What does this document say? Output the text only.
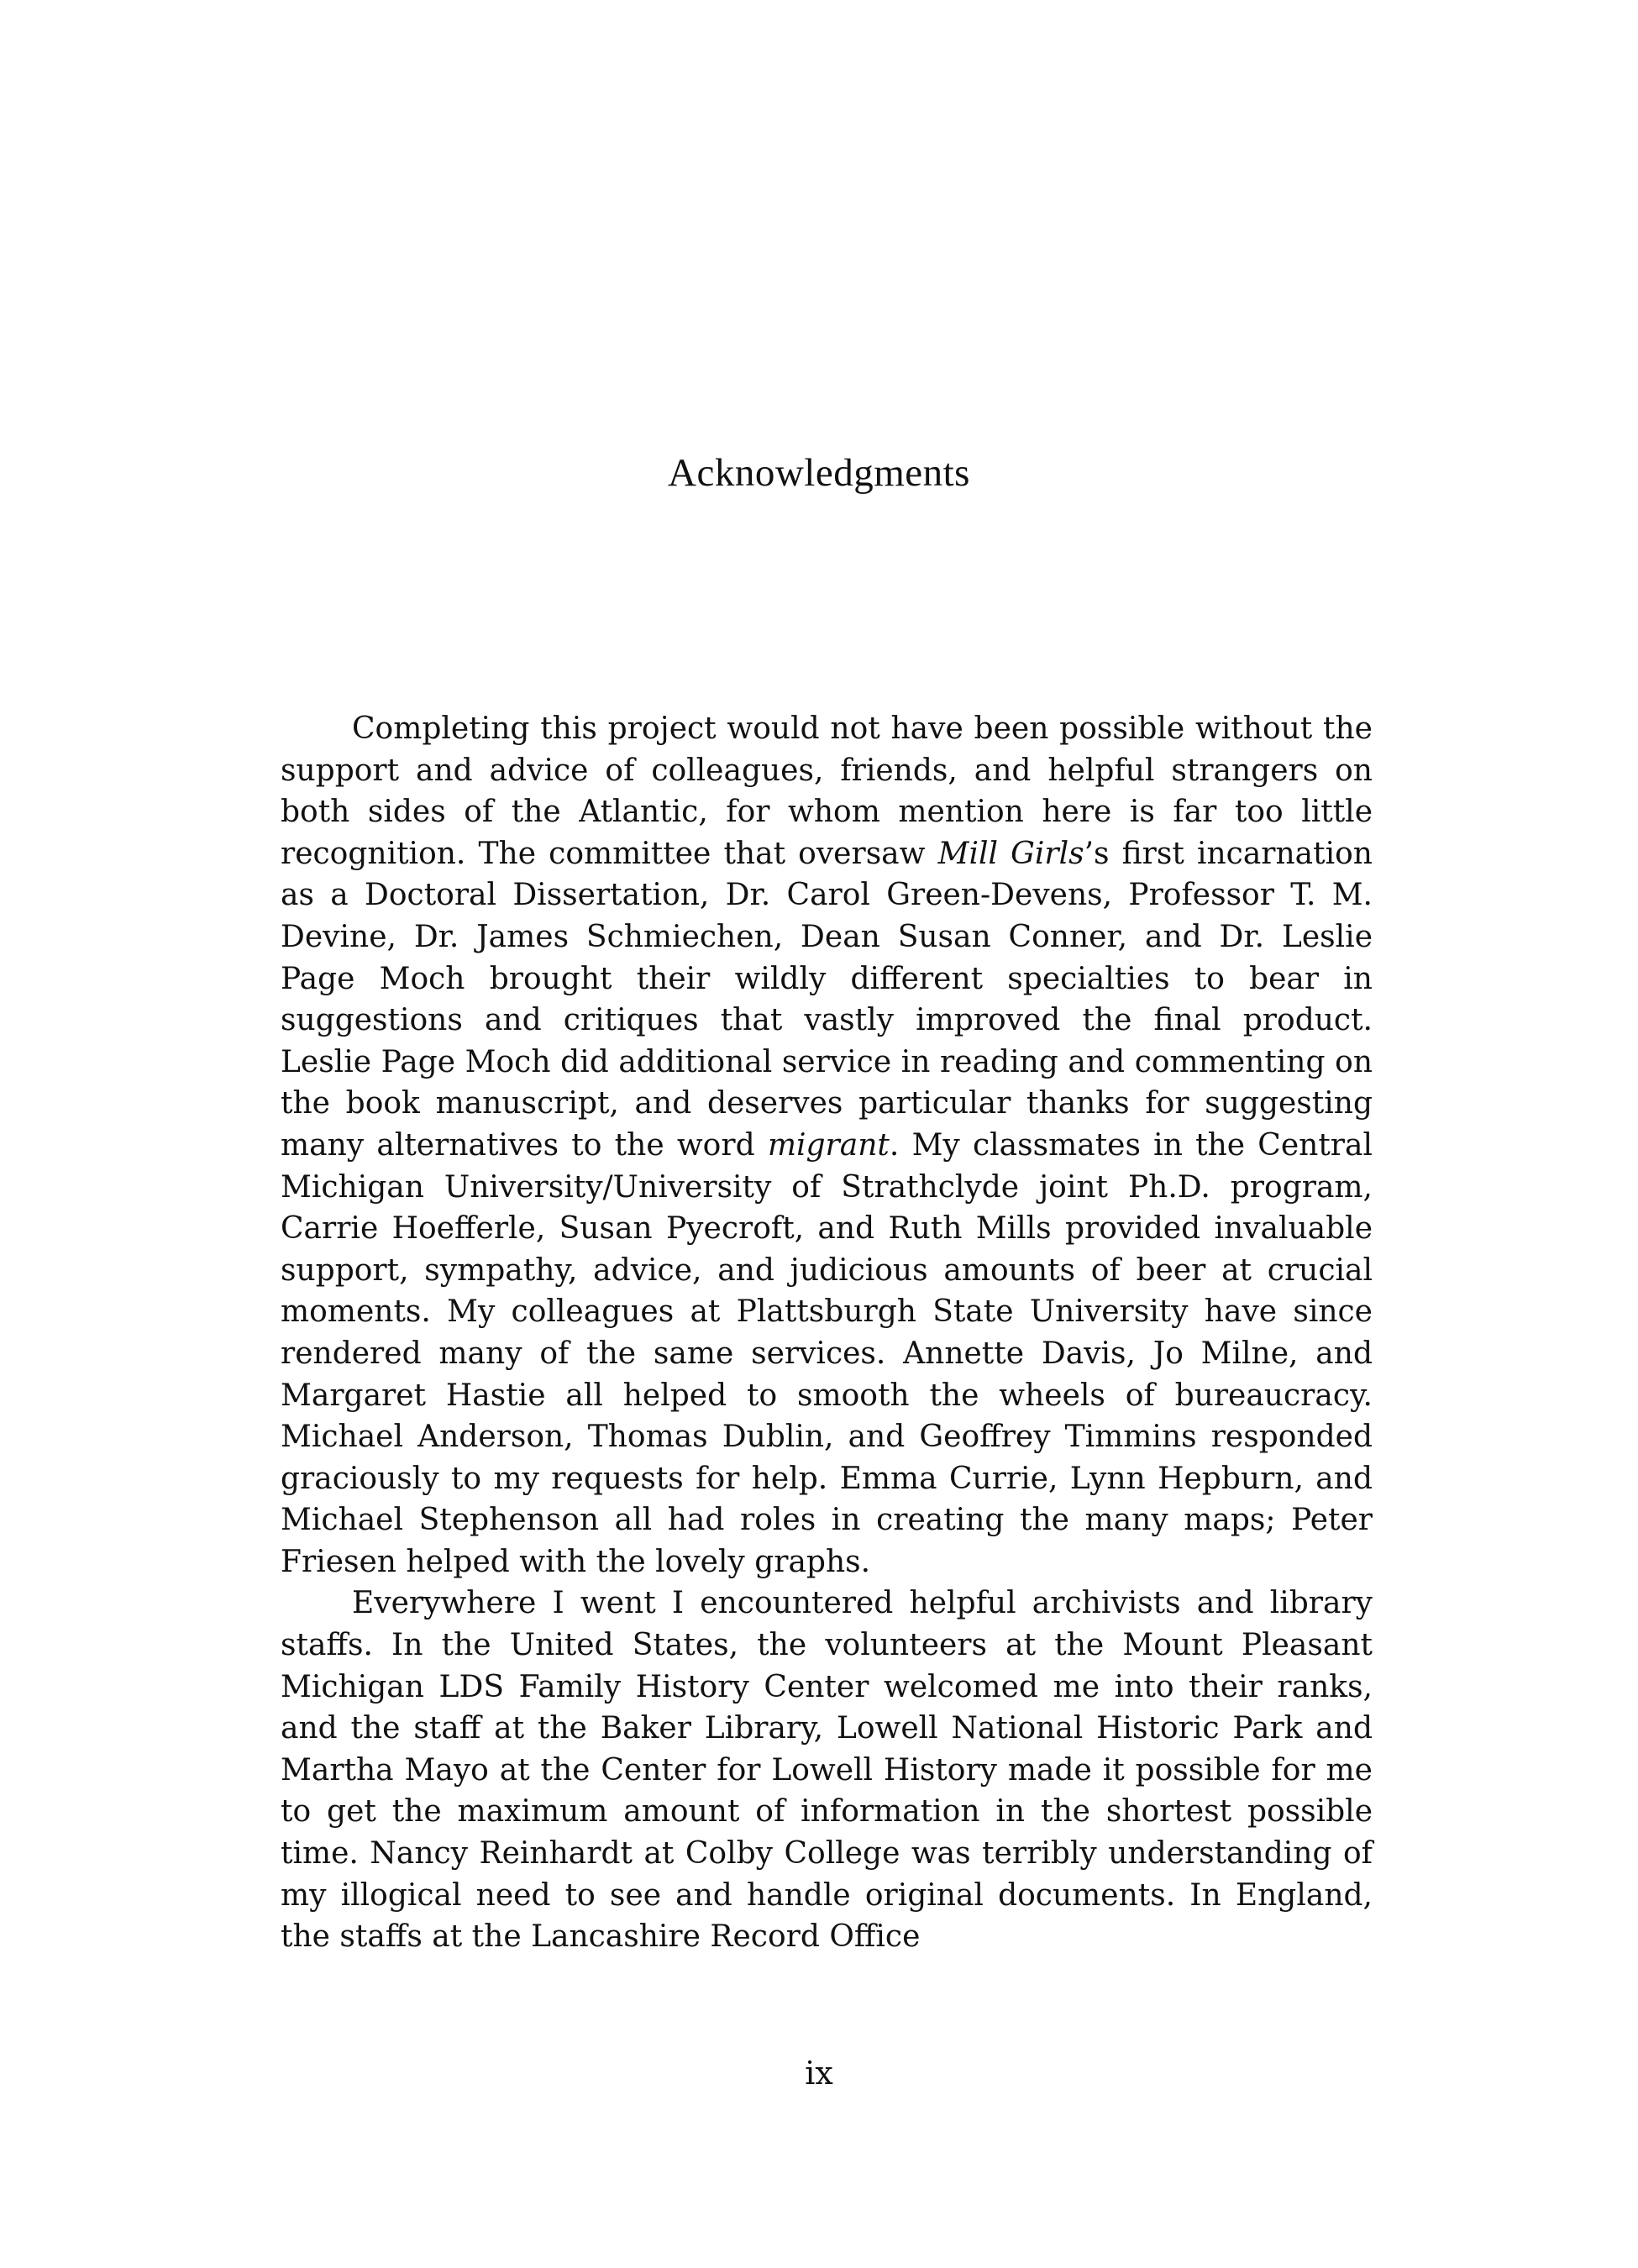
Acknowledgments

Completing this project would not have been possible without the support and advice of colleagues, friends, and helpful strangers on both sides of the Atlantic, for whom mention here is far too little recognition. The committee that oversaw Mill Girls’s first incarnation as a Doctoral Dissertation, Dr. Carol Green-Devens, Professor T. M. Devine, Dr. James Schmiechen, Dean Susan Conner, and Dr. Leslie Page Moch brought their wildly different specialties to bear in suggestions and critiques that vastly improved the final product. Leslie Page Moch did additional service in reading and commenting on the book manuscript, and deserves particular thanks for suggesting many alternatives to the word migrant. My classmates in the Central Michigan University/University of Strathclyde joint Ph.D. program, Carrie Hoefferle, Susan Pyecroft, and Ruth Mills provided invaluable support, sympathy, advice, and judicious amounts of beer at crucial moments. My colleagues at Plattsburgh State University have since rendered many of the same services. Annette Davis, Jo Milne, and Margaret Hastie all helped to smooth the wheels of bureaucracy. Michael Anderson, Thomas Dublin, and Geoffrey Timmins responded graciously to my requests for help. Emma Currie, Lynn Hepburn, and Michael Stephenson all had roles in creating the many maps; Peter Friesen helped with the lovely graphs.

Everywhere I went I encountered helpful archivists and library staffs. In the United States, the volunteers at the Mount Pleasant Michigan LDS Family History Center welcomed me into their ranks, and the staff at the Baker Library, Lowell National Historic Park and Martha Mayo at the Center for Lowell History made it possible for me to get the maximum amount of information in the shortest possible time. Nancy Reinhardt at Colby College was terribly understanding of my illogical need to see and handle original documents. In England, the staffs at the Lancashire Record Office

ix
